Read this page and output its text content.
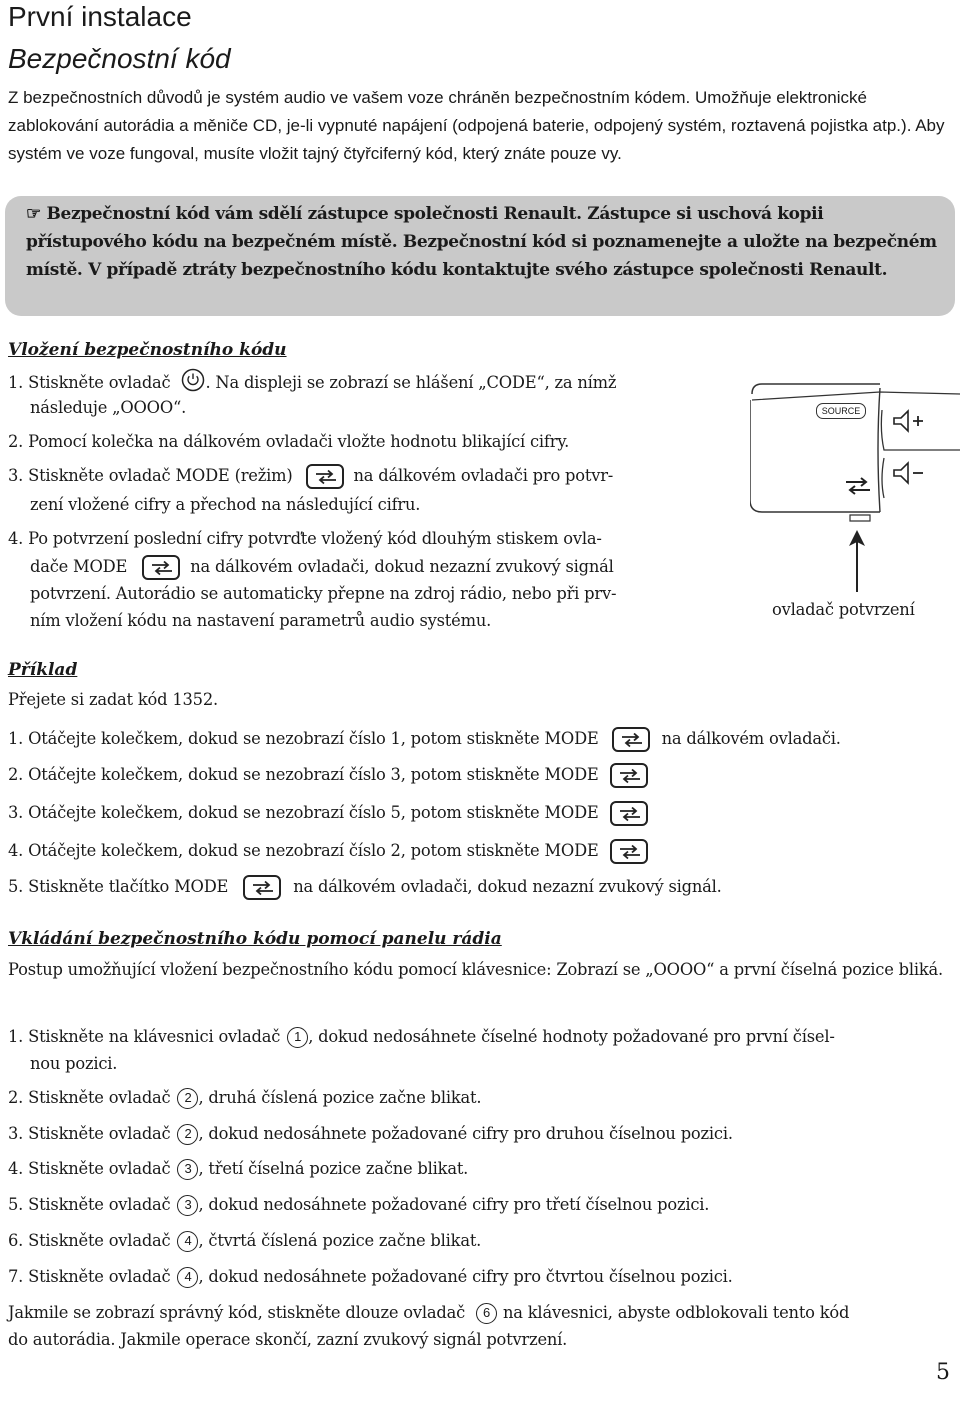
První instalace
Bezpečnostní kód
Z bezpečnostních důvodů je systém audio ve vašem voze chráněn bezpečnostním kódem. Umožňuje elektronické zablokování autorádia a měniče CD, je-li vypnuté napájení (odpojená baterie, odpojený systém, roztavená pojistka atp.). Aby systém ve voze fungoval, musíte vložit tajný čtyřciferný kód, který znáte pouze vy.
☞ Bezpečnostní kód vám sdělí zástupce společnosti Renault. Zástupce si uschová kopii přístupového kódu na bezpečném místě. Bezpečnostní kód si poznamenejte a uložte na bezpečném místě. V případě ztráty bezpečnostního kódu kontaktujte svého zástupce společnosti Renault.
Vložení bezpečnostního kódu
1. Stiskněte ovladač . Na displeji se zobrazí se hlášení „CODE“, za nímž
následuje „OOOO“.
2. Pomocí kolečka na dálkovém ovladači vložte hodnotu blikající cifry.
3. Stiskněte ovladač MODE (režim)	na dálkovém ovladači pro potvr-
zení vložené cifry a přechod na následující cifru.
4. Po potvrzení poslední cifry potvrďte vložený kód dlouhým stiskem ovla-
dače MODE	na dálkovém ovladači, dokud nezazní zvukový signál
potvrzení. Autorádio se automaticky přepne na zdroj rádio, nebo při prv-
ním vložení kódu na nastavení parametrů audio systému.
SOURCE
ovladač potvrzení
Příklad
Přejete si zadat kód 1352.
1. Otáčejte kolečkem, dokud se nezobrazí číslo 1, potom stiskněte MODE	na dálkovém ovladači.
2. Otáčejte kolečkem, dokud se nezobrazí číslo 3, potom stiskněte MODE
3. Otáčejte kolečkem, dokud se nezobrazí číslo 5, potom stiskněte MODE
4. Otáčejte kolečkem, dokud se nezobrazí číslo 2, potom stiskněte MODE
5. Stiskněte tlačítko MODE	na dálkovém ovladači, dokud nezazní zvukový signál.
Vkládání bezpečnostního kódu pomocí panelu rádia
Postup umožňující vložení bezpečnostního kódu pomocí klávesnice: Zobrazí se „OOOO“ a první číselná pozice bliká.
1. Stiskněte na klávesnici ovladač 1 , dokud nedosáhnete číselné hodnoty požadované pro první čísel-
nou pozici.
2. Stiskněte ovladač 2 , druhá číslená pozice začne blikat.
3. Stiskněte ovladač 2 , dokud nedosáhnete požadované cifry pro druhou číselnou pozici.
4. Stiskněte ovladač 3 , třetí číselná pozice začne blikat.
5. Stiskněte ovladač 3 , dokud nedosáhnete požadované cifry pro třetí číselnou pozici.
6. Stiskněte ovladač 4 , čtvrtá číslená pozice začne blikat.
7. Stiskněte ovladač 4 , dokud nedosáhnete požadované cifry pro čtvrtou číselnou pozici.
Jakmile se zobrazí správný kód, stiskněte dlouze ovladač 6 na klávesnici, abyste odblokovali tento kód
do autorádia. Jakmile operace skončí, zazní zvukový signál potvrzení.
5
